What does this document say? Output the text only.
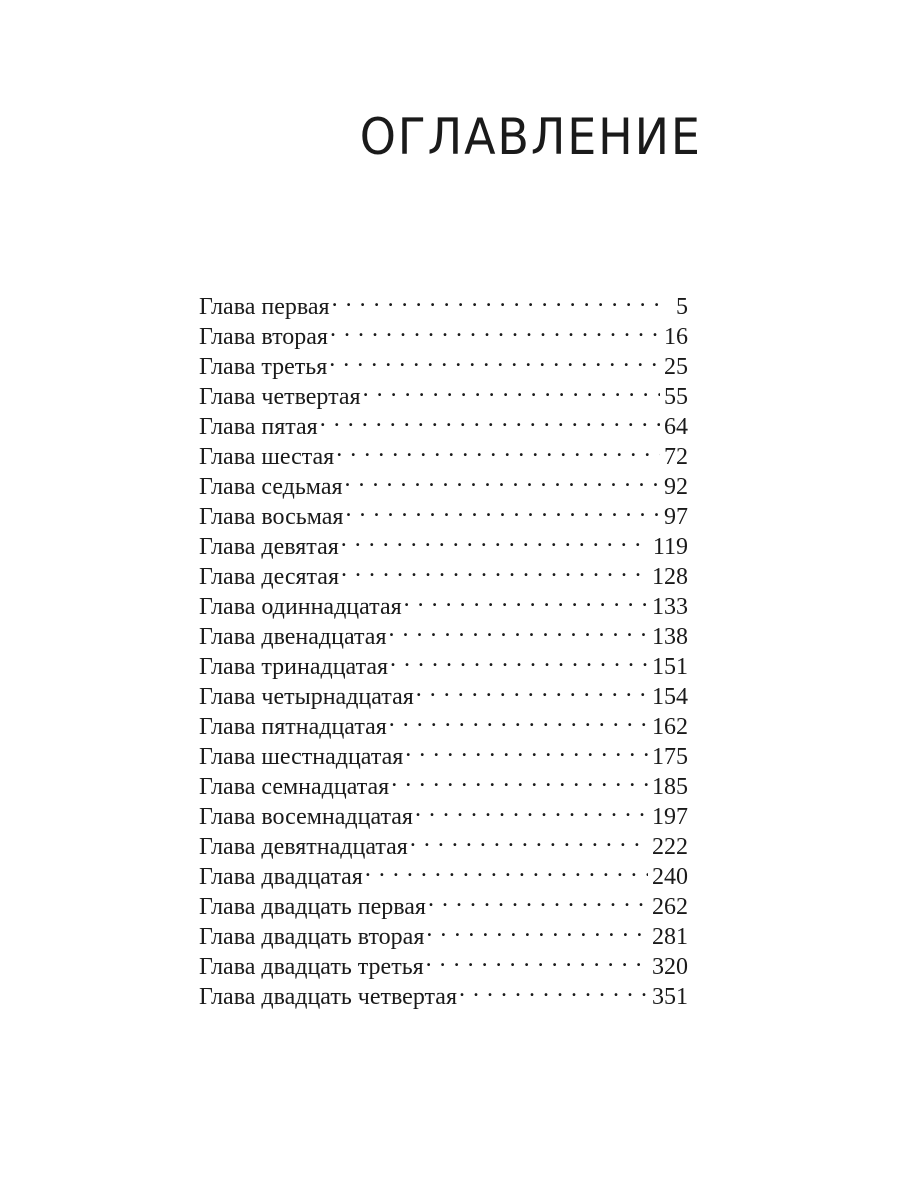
ОГЛАВЛЕНИЕ
Глава первая . . .	5
Глава вторая . . .	16
Глава третья . . .	25
Глава четвертая . . .	55
Глава пятая . . .	64
Глава шестая . . .	72
Глава седьмая . . .	92
Глава восьмая . . .	97
Глава девятая . . .	119
Глава десятая . . .	128
Глава одиннадцатая . . .	133
Глава двенадцатая . . .	138
Глава тринадцатая . . .	151
Глава четырнадцатая . . .	154
Глава пятнадцатая . . .	162
Глава шестнадцатая . . .	175
Глава семнадцатая . . .	185
Глава восемнадцатая . . .	197
Глава девятнадцатая . . .	222
Глава двадцатая . . .	240
Глава двадцать первая . . .	262
Глава двадцать вторая . . .	281
Глава двадцать третья . . .	320
Глава двадцать четвертая . . .	351
